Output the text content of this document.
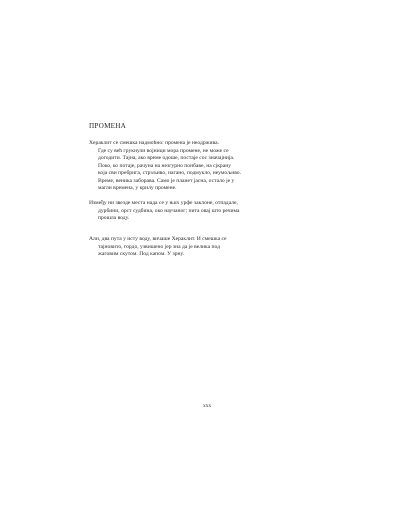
ПРОМЕНА
Хераклит се смешка надмоћно: промена је неодржива.
Где су већ грукнули војници мора промене, не може се
догодити. Тајна, ако време одоше, постаје сос значајнија.
Поко, ко потаје, рачуна на незгурно понбаве, на сјкрану
која сви пребрига, стрзљиво, нагано, подмукло, неумољиво.
Време, веника заборава. Само је планет јасна, остало је у
магли времена, у крилу промене.
Између ни звезде места нада се у њих урфе заклоне, отпадале,
дурбини, орст судбина, око научаног; пита овај што речима
прошла воду.
Али, два пута у исту воду, вичаше Хераклит. И смешка се
тајновито, гордо, узвишено јер зна да је велика под
жаговим скутом. Под капом. У зрну.
ххх
